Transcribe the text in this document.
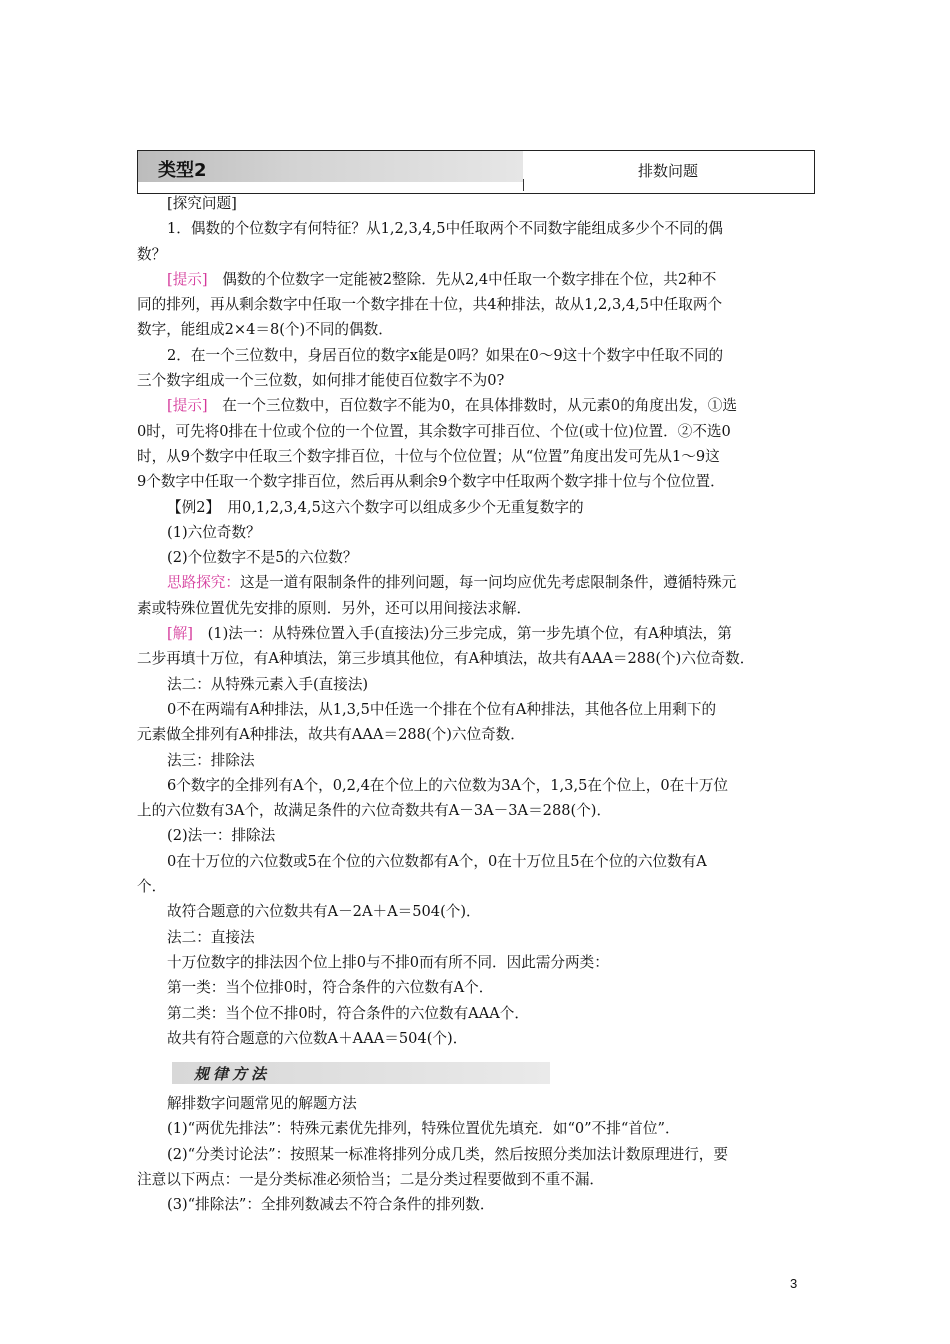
类型2	排数问题
[探究问题]
1．偶数的个位数字有何特征？从1,2,3,4,5中任取两个不同数字能组成多少个不同的偶
数？
[提示]　 偶数的个位数字一定能被2整除．先从2,4中任取一个数字排在个位，共2种不
同的排列，再从剩余数字中任取一个数字排在十位，共4种排法，故从1,2,3,4,5中任取两个
数字，能组成2×4＝8(个)不同的偶数．
2．在一个三位数中，身居百位的数字x能是0吗？如果在0～9这十个数字中任取不同的
三个数字组成一个三位数，如何排才能使百位数字不为0?
[提示]　 在一个三位数中，百位数字不能为0，在具体排数时，从元素0的角度出发，①选
0时，可先将0排在十位或个位的一个位置，其余数字可排百位、个位(或十位)位置．②不选0
时，从9个数字中任取三个数字排百位，十位与个位位置；从“位置”角度出发可先从1～9这
9个数字中任取一个数字排百位，然后再从剩余9个数字中任取两个数字排十位与个位位置．
【例2】　用0,1,2,3,4,5这六个数字可以组成多少个无重复数字的
(1)六位奇数？
(2)个位数字不是5的六位数？
思路探究：这是一道有限制条件的排列问题，每一问均应优先考虑限制条件，遵循特殊元
素或特殊位置优先安排的原则．另外，还可以用间接法求解．
[解]　 (1)法一：从特殊位置入手(直接法)分三步完成，第一步先填个位，有A种填法，第
二步再填十万位，有A种填法，第三步填其他位，有A种填法，故共有AAA＝288(个)六位奇数．
法二：从特殊元素入手(直接法)
0不在两端有A种排法，从1,3,5中任选一个排在个位有A种排法，其他各位上用剩下的
元素做全排列有A种排法，故共有AAA＝288(个)六位奇数．
法三：排除法
6个数字的全排列有A个，0,2,4在个位上的六位数为3A个，1,3,5在个位上，0在十万位
上的六位数有3A个，故满足条件的六位奇数共有A－3A－3A＝288(个)．
(2)法一：排除法
0在十万位的六位数或5在个位的六位数都有A个，0在十万位且5在个位的六位数有A
个．
故符合题意的六位数共有A－2A＋A＝504(个)．
法二：直接法
十万位数字的排法因个位上排0与不排0而有所不同．因此需分两类：
第一类：当个位排0时，符合条件的六位数有A个．
第二类：当个位不排0时，符合条件的六位数有AAA个．
故共有符合题意的六位数A＋AAA＝504(个)．
规律方法
解排数字问题常见的解题方法
(1)“两优先排法”：特殊元素优先排列，特殊位置优先填充．如“0”不排“首位”．
(2)“分类讨论法”：按照某一标准将排列分成几类，然后按照分类加法计数原理进行，要
注意以下两点：一是分类标准必须恰当；二是分类过程要做到不重不漏．
(3)“排除法”：全排列数减去不符合条件的排列数．
3
